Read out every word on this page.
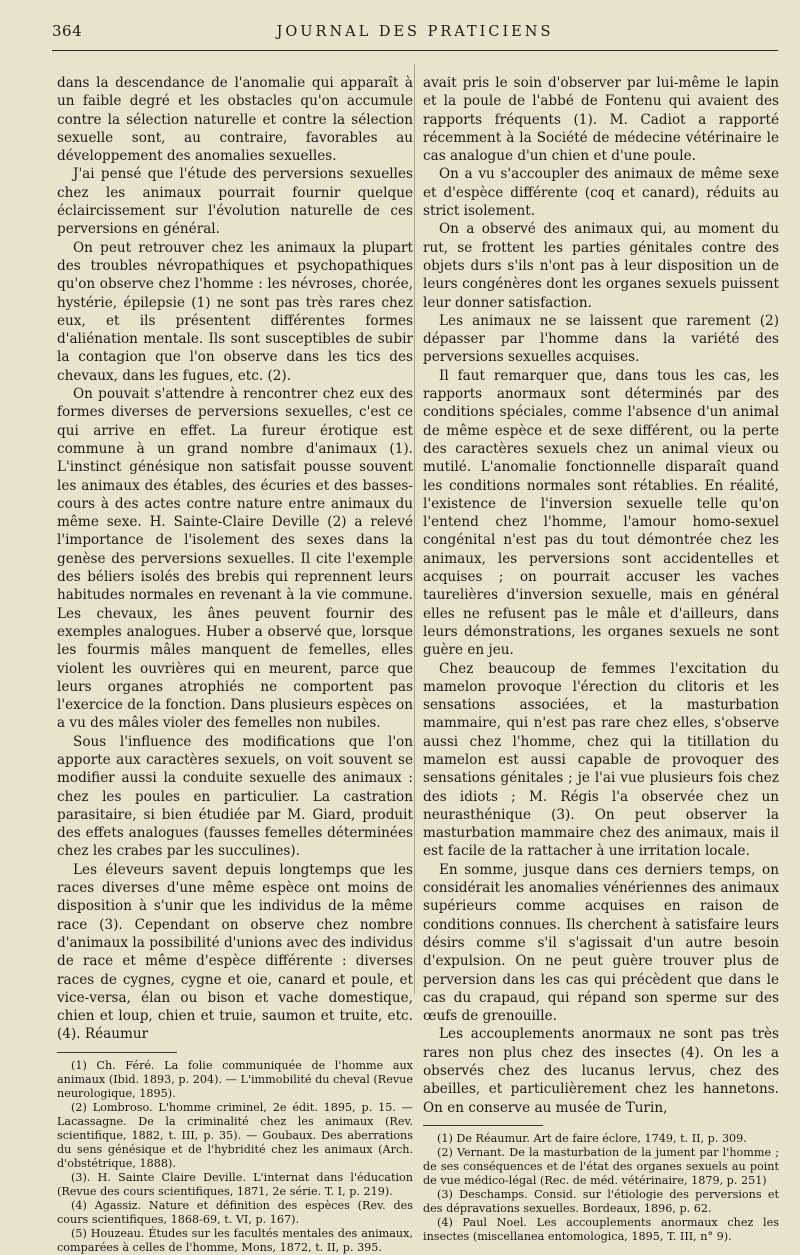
364	JOURNAL DES PRATICIENS

dans la descendance de l'anomalie qui apparaît à un faible degré et les obstacles qu'on accumule contre la sélection naturelle et contre la sélection sexuelle sont, au contraire, favorables au développement des anomalies sexuelles.

J'ai pensé que l'étude des perversions sexuelles chez les animaux pourrait fournir quelque éclaircissement sur l'évolution naturelle de ces perversions en général.

On peut retrouver chez les animaux la plupart des troubles névropathiques et psychopathiques qu'on observe chez l'homme : les névroses, chorée, hystérie, épilepsie (1) ne sont pas très rares chez eux, et ils présentent différentes formes d'aliénation mentale. Ils sont susceptibles de subir la contagion que l'on observe dans les tics des chevaux, dans les fugues, etc. (2).

On pouvait s'attendre à rencontrer chez eux des formes diverses de perversions sexuelles, c'est ce qui arrive en effet. La fureur érotique est commune à un grand nombre d'animaux (1). L'instinct génésique non satisfait pousse souvent les animaux des étables, des écuries et des basses-cours à des actes contre nature entre animaux du même sexe. H. Sainte-Claire Deville (2) a relevé l'importance de l'isolement des sexes dans la genèse des perversions sexuelles. Il cite l'exemple des béliers isolés des brebis qui reprennent leurs habitudes normales en revenant à la vie commune. Les chevaux, les ânes peuvent fournir des exemples analogues. Huber a observé que, lorsque les fourmis mâles manquent de femelles, elles violent les ouvrières qui en meurent, parce que leurs organes atrophiés ne comportent pas l'exercice de la fonction. Dans plusieurs espèces on a vu des mâles violer des femelles non nubiles.

Sous l'influence des modifications que l'on apporte aux caractères sexuels, on voit souvent se modifier aussi la conduite sexuelle des animaux : chez les poules en particulier. La castration parasitaire, si bien étudiée par M. Giard, produit des effets analogues (fausses femelles déterminées chez les crabes par les succulines).

Les éleveurs savent depuis longtemps que les races diverses d'une même espèce ont moins de disposition à s'unir que les individus de la même race (3). Cependant on observe chez nombre d'animaux la possibilité d'unions avec des individus de race et même d'espèce différente : diverses races de cygnes, cygne et oie, canard et poule, et vice-versa, élan ou bison et vache domestique, chien et loup, chien et truie, saumon et truite, etc. (4). Réaumur

(1) Ch. Féré. La folie communiquée de l'homme aux animaux (Ibid. 1893, p. 204). — L'immobilité du cheval (Revue neurologique, 1895).

(2) Lombroso. L'homme criminel, 2e édit. 1895, p. 15. — Lacassagne. De la criminalité chez les animaux (Rev. scientifique, 1882, t. III, p. 35). — Goubaux. Des aberrations du sens génésique et de l'hybridité chez les animaux (Arch. d'obstétrique, 1888).

(3). H. Sainte Claire Deville. L'internat dans l'éducation (Revue des cours scientifiques, 1871, 2e série. T. I, p. 219).

(4) Agassiz. Nature et définition des espèces (Rev. des cours scientifiques, 1868-69, t. VI, p. 167).

(5) Houzeau. Études sur les facultés mentales des animaux, comparées à celles de l'homme, Mons, 1872, t. II, p. 395.

avait pris le soin d'observer par lui-même le lapin et la poule de l'abbé de Fontenu qui avaient des rapports fréquents (1). M. Cadiot a rapporté récemment à la Société de médecine vétérinaire le cas analogue d'un chien et d'une poule.

On a vu s'accoupler des animaux de même sexe et d'espèce différente (coq et canard), réduits au strict isolement.

On a observé des animaux qui, au moment du rut, se frottent les parties génitales contre des objets durs s'ils n'ont pas à leur disposition un de leurs congénères dont les organes sexuels puissent leur donner satisfaction.

Les animaux ne se laissent que rarement (2) dépasser par l'homme dans la variété des perversions sexuelles acquises.

Il faut remarquer que, dans tous les cas, les rapports anormaux sont déterminés par des conditions spéciales, comme l'absence d'un animal de même espèce et de sexe différent, ou la perte des caractères sexuels chez un animal vieux ou mutilé. L'anomalie fonctionnelle disparaît quand les conditions normales sont rétablies. En réalité, l'existence de l'inversion sexuelle telle qu'on l'entend chez l'homme, l'amour homo-sexuel congénital n'est pas du tout démontrée chez les animaux, les perversions sont accidentelles et acquises ; on pourrait accuser les vaches taurelières d'inversion sexuelle, mais en général elles ne refusent pas le mâle et d'ailleurs, dans leurs démonstrations, les organes sexuels ne sont guère en jeu.

Chez beaucoup de femmes l'excitation du mamelon provoque l'érection du clitoris et les sensations associées, et la masturbation mammaire, qui n'est pas rare chez elles, s'observe aussi chez l'homme, chez qui la titillation du mamelon est aussi capable de provoquer des sensations génitales ; je l'ai vue plusieurs fois chez des idiots ; M. Régis l'a observée chez un neurasthénique (3). On peut observer la masturbation mammaire chez des animaux, mais il est facile de la rattacher à une irritation locale.

En somme, jusque dans ces derniers temps, on considérait les anomalies vénériennes des animaux supérieurs comme acquises en raison de conditions connues. Ils cherchent à satisfaire leurs désirs comme s'il s'agissait d'un autre besoin d'expulsion. On ne peut guère trouver plus de perversion dans les cas qui précèdent que dans le cas du crapaud, qui répand son sperme sur des œufs de grenouille.

Les accouplements anormaux ne sont pas très rares non plus chez des insectes (4). On les a observés chez des lucanus lervus, chez des abeilles, et particulièrement chez les hannetons. On en conserve au musée de Turin,

(1) De Réaumur. Art de faire éclore, 1749, t. II, p. 309.

(2) Vernant. De la masturbation de la jument par l'homme ; de ses conséquences et de l'état des organes sexuels au point de vue médico-légal (Rec. de méd. vétérinaire, 1879, p. 251)

(3) Deschamps. Consid. sur l'étiologie des perversions et des dépravations sexuelles. Bordeaux, 1896, p. 62.

(4) Paul Noel. Les accouplements anormaux chez les insectes (miscellanea entomologica, 1895, T. III, n° 9).
